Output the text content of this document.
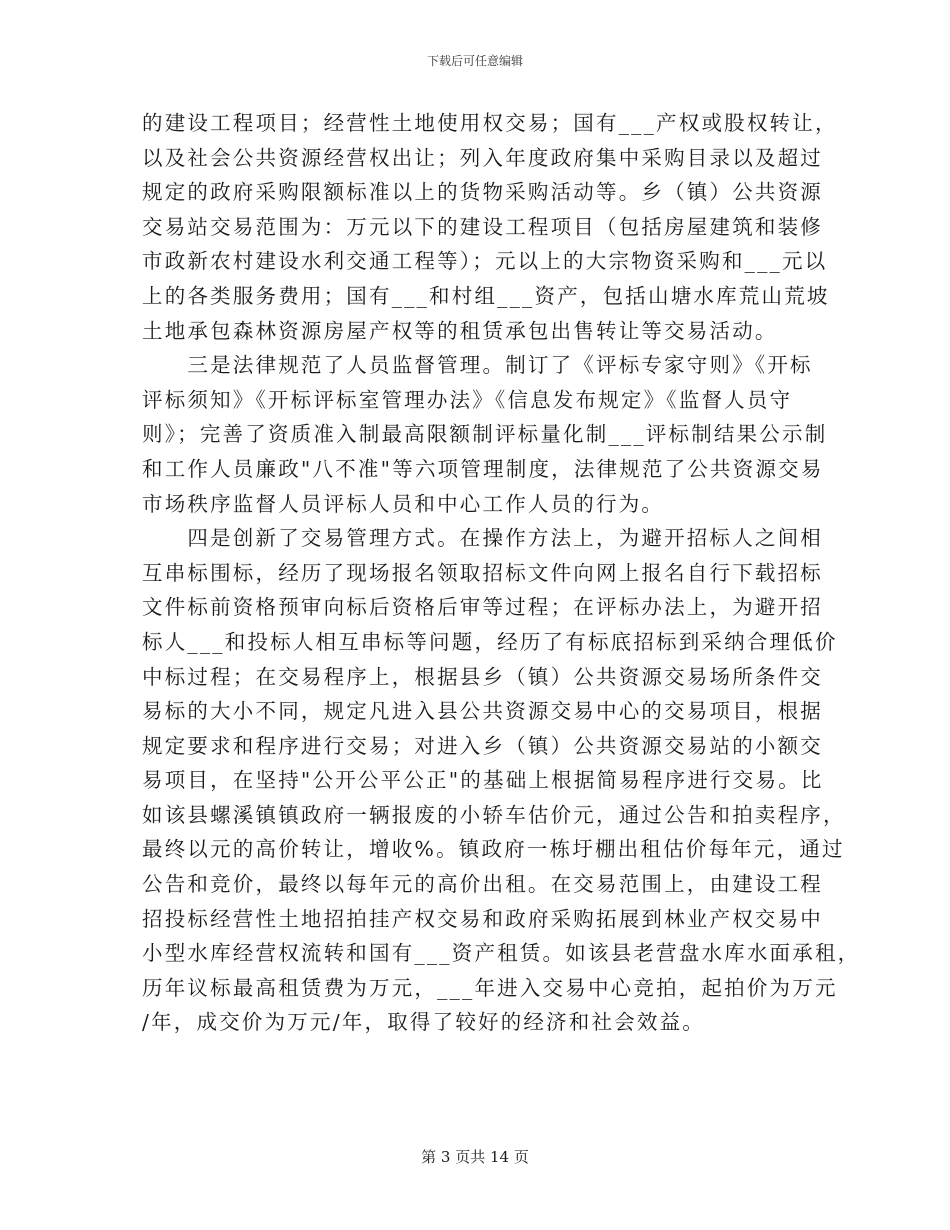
下载后可任意编辑
的建设工程项目；经营性土地使用权交易；国有___产权或股权转让，
以及社会公共资源经营权出让；列入年度政府集中采购目录以及超过
规定的政府采购限额标准以上的货物采购活动等。乡（镇）公共资源
交易站交易范围为：万元以下的建设工程项目（包括房屋建筑和装修
市政新农村建设水利交通工程等）；元以上的大宗物资采购和___元以
上的各类服务费用；国有___和村组___资产，包括山塘水库荒山荒坡
土地承包森林资源房屋产权等的租赁承包出售转让等交易活动。
　　三是法律规范了人员监督管理。制订了《评标专家守则》《开标
评标须知》《开标评标室管理办法》《信息发布规定》《监督人员守
则》；完善了资质准入制最高限额制评标量化制___评标制结果公示制
和工作人员廉政"八不准"等六项管理制度，法律规范了公共资源交易
市场秩序监督人员评标人员和中心工作人员的行为。
　　四是创新了交易管理方式。在操作方法上，为避开招标人之间相
互串标围标，经历了现场报名领取招标文件向网上报名自行下载招标
文件标前资格预审向标后资格后审等过程；在评标办法上，为避开招
标人___和投标人相互串标等问题，经历了有标底招标到采纳合理低价
中标过程；在交易程序上，根据县乡（镇）公共资源交易场所条件交
易标的大小不同，规定凡进入县公共资源交易中心的交易项目，根据
规定要求和程序进行交易；对进入乡（镇）公共资源交易站的小额交
易项目，在坚持"公开公平公正"的基础上根据简易程序进行交易。比
如该县螺溪镇镇政府一辆报废的小轿车估价元，通过公告和拍卖程序，
最终以元的高价转让，增收%。镇政府一栋圩棚出租估价每年元，通过
公告和竞价，最终以每年元的高价出租。在交易范围上，由建设工程
招投标经营性土地招拍挂产权交易和政府采购拓展到林业产权交易中
小型水库经营权流转和国有___资产租赁。如该县老营盘水库水面承租，
历年议标最高租赁费为万元，___年进入交易中心竞拍，起拍价为万元
/年，成交价为万元/年，取得了较好的经济和社会效益。
第 3 页共 14 页
